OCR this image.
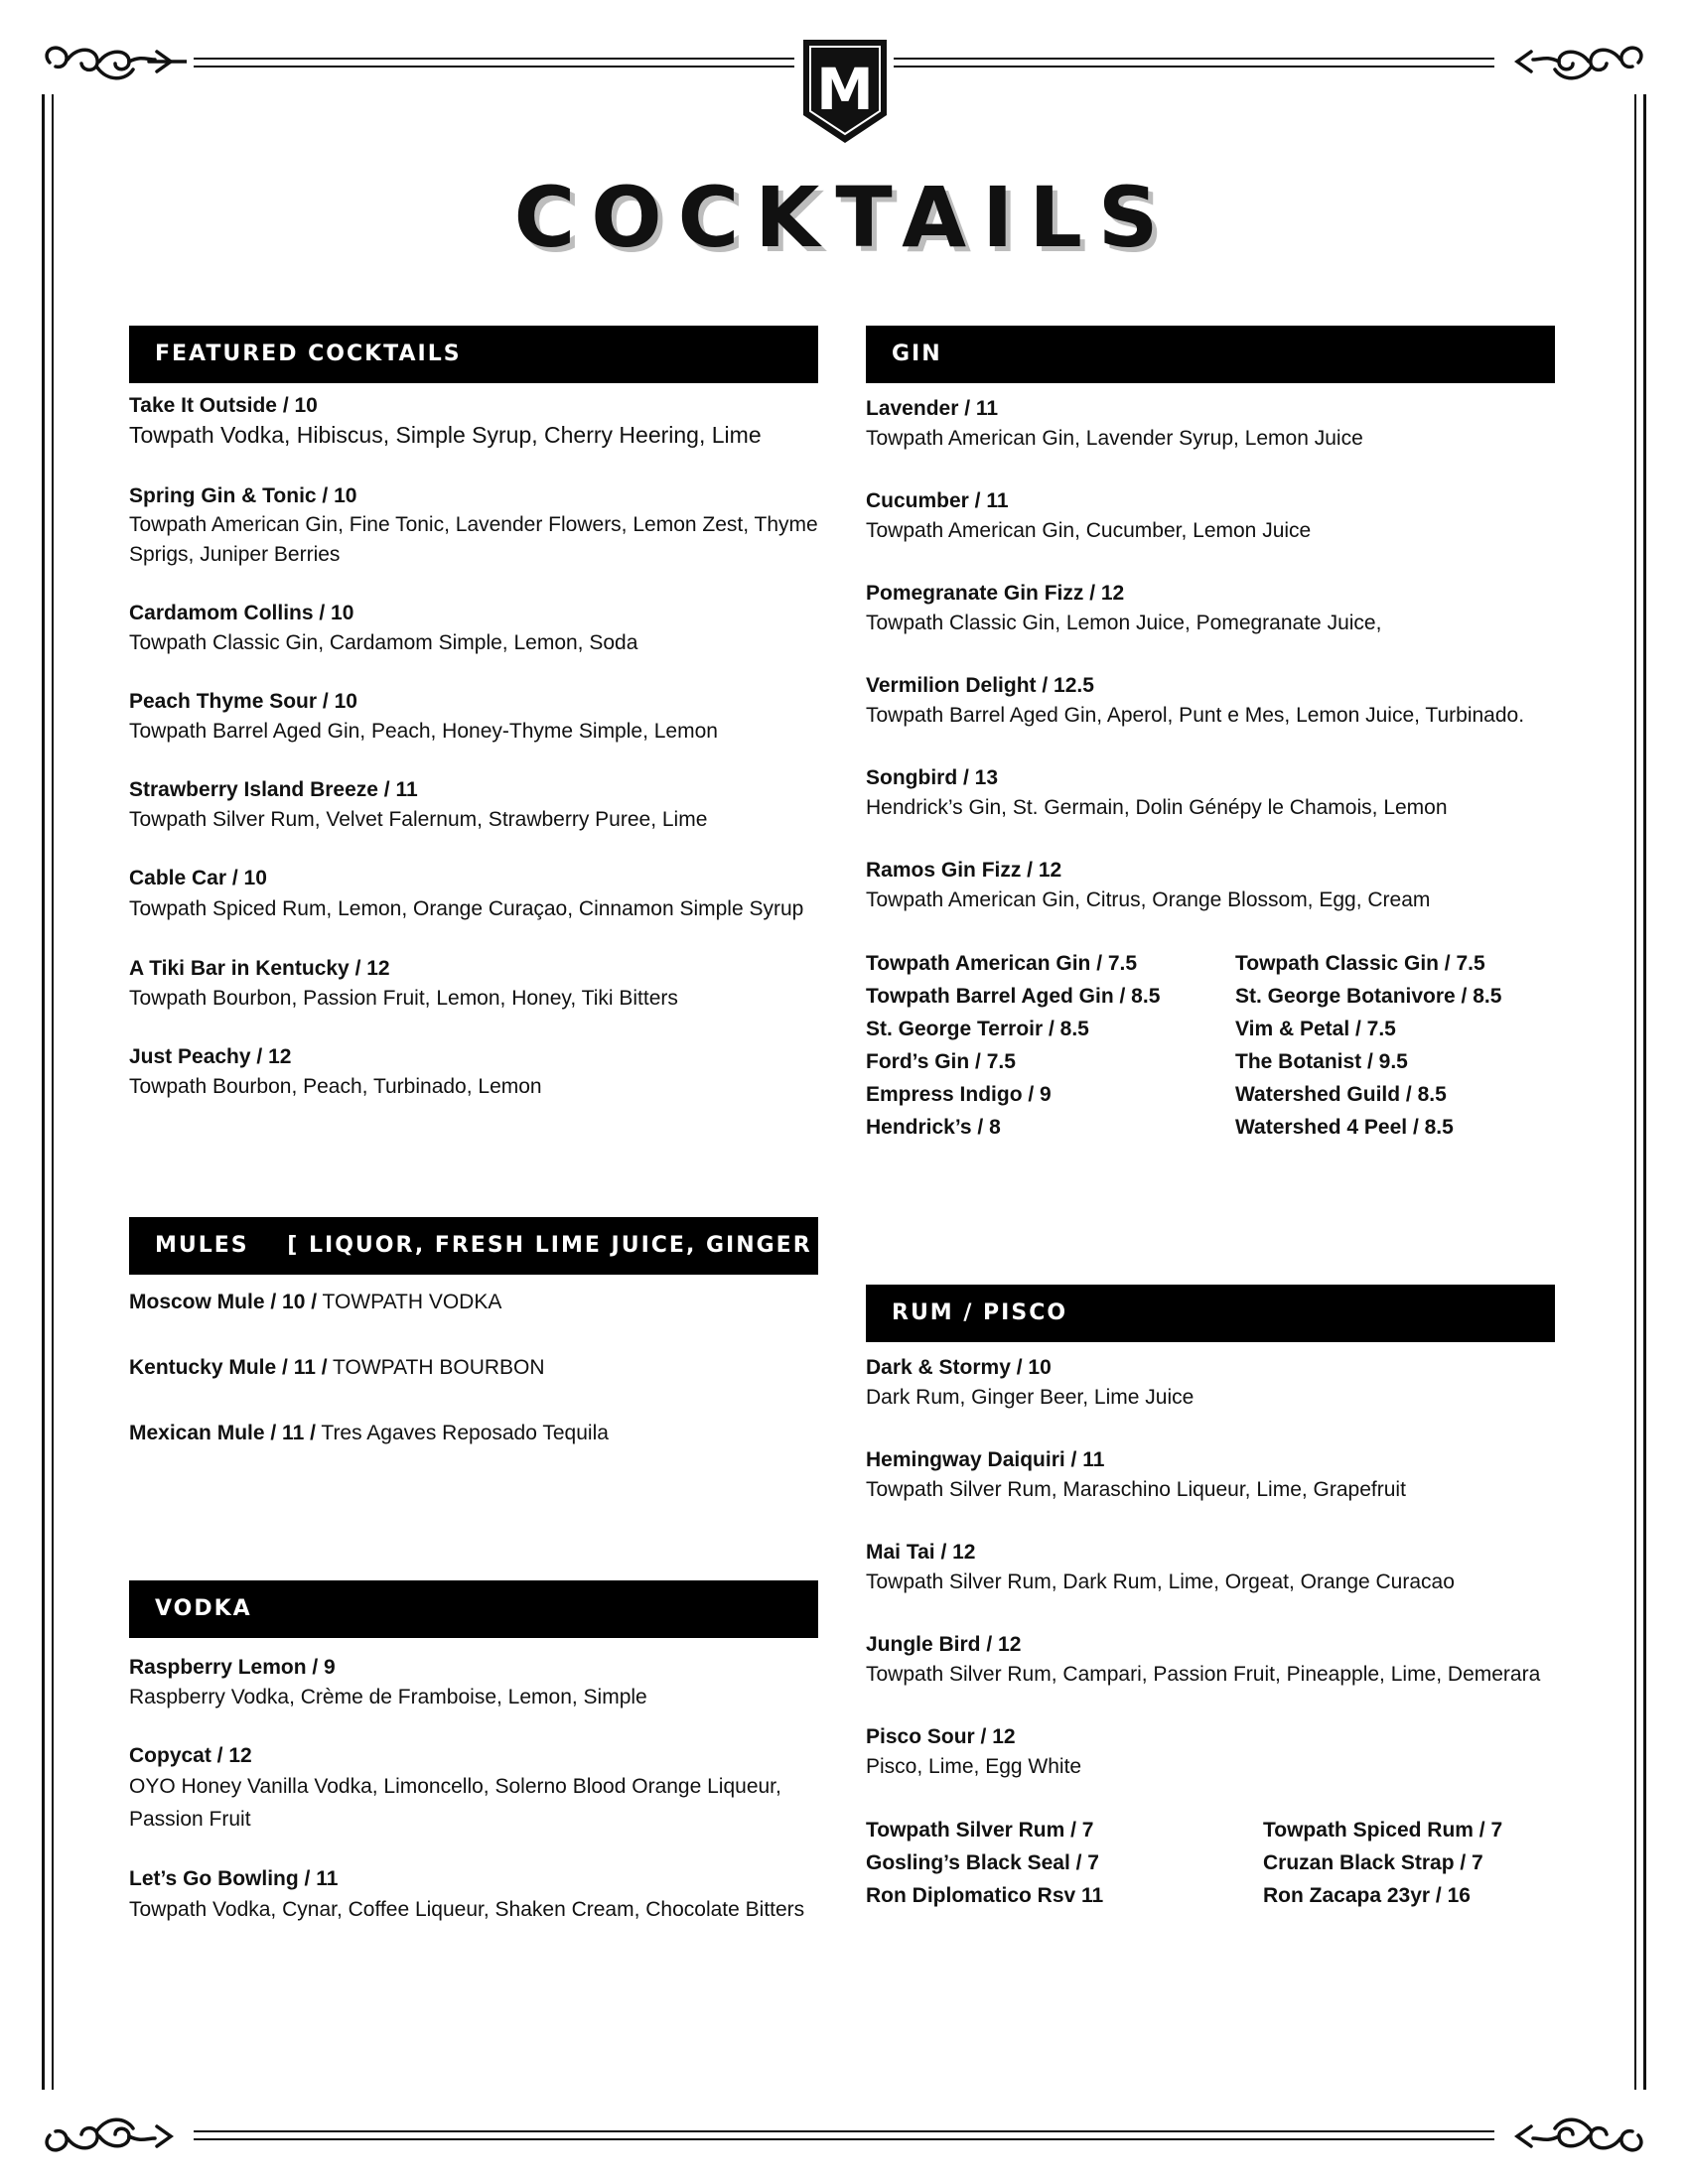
M
COCKTAILS
FEATURED COCKTAILS
MULES    [ LIQUOR, FRESH LIME JUICE, GINGER BEER ]
VODKA
GIN
RUM / PISCO
Take It Outside / 10
Towpath Vodka, Hibiscus, Simple Syrup, Cherry Heering, Lime
Spring Gin & Tonic / 10
Towpath American Gin, Fine Tonic, Lavender Flowers, Lemon Zest, Thyme Sprigs, Juniper Berries
Cardamom Collins / 10
Towpath Classic Gin, Cardamom Simple, Lemon, Soda
Peach Thyme Sour / 10
Towpath Barrel Aged Gin, Peach, Honey-Thyme Simple, Lemon
Strawberry Island Breeze / 11
Towpath Silver Rum, Velvet Falernum, Strawberry Puree, Lime
Cable Car / 10
Towpath Spiced Rum, Lemon, Orange Curaçao, Cinnamon Simple Syrup
A Tiki Bar in Kentucky / 12
Towpath Bourbon, Passion Fruit, Lemon, Honey, Tiki Bitters
Just Peachy / 12
Towpath Bourbon, Peach, Turbinado, Lemon
Moscow Mule / 10 / TOWPATH VODKA
Kentucky Mule / 11 / TOWPATH BOURBON
Mexican Mule / 11 / Tres Agaves Reposado Tequila
Raspberry Lemon / 9
Raspberry Vodka, Crème de Framboise, Lemon, Simple
Copycat / 12
OYO Honey Vanilla Vodka, Limoncello, Solerno Blood Orange Liqueur, Passion Fruit
Let’s Go Bowling / 11
Towpath Vodka, Cynar, Coffee Liqueur, Shaken Cream, Chocolate Bitters
Lavender / 11
Towpath American Gin, Lavender Syrup, Lemon Juice
Cucumber / 11
Towpath American Gin, Cucumber, Lemon Juice
Pomegranate Gin Fizz / 12
Towpath Classic Gin, Lemon Juice, Pomegranate Juice,
Vermilion Delight / 12.5
Towpath Barrel Aged Gin, Aperol, Punt e Mes, Lemon Juice, Turbinado.
Songbird / 13
Hendrick’s Gin, St. Germain, Dolin Génépy le Chamois, Lemon
Ramos Gin Fizz / 12
Towpath American Gin, Citrus, Orange Blossom, Egg, Cream
Towpath American Gin / 7.5	Towpath Classic Gin / 7.5
Towpath Barrel Aged Gin / 8.5	St. George Botanivore / 8.5
St. George Terroir / 8.5	Vim & Petal / 7.5
Ford’s Gin / 7.5	The Botanist / 9.5
Empress Indigo / 9	Watershed Guild / 8.5
Hendrick’s / 8	Watershed 4 Peel / 8.5
Dark & Stormy / 10
Dark Rum, Ginger Beer, Lime Juice
Hemingway Daiquiri / 11
Towpath Silver Rum, Maraschino Liqueur, Lime, Grapefruit
Mai Tai / 12
Towpath Silver Rum, Dark Rum, Lime, Orgeat, Orange Curacao
Jungle Bird / 12
Towpath Silver Rum, Campari, Passion Fruit, Pineapple, Lime, Demerara
Pisco Sour / 12
Pisco, Lime, Egg White
Towpath Silver Rum / 7	Towpath Spiced Rum / 7
Gosling’s Black Seal / 7	Cruzan Black Strap / 7
Ron Diplomatico Rsv 11	Ron Zacapa 23yr / 16
